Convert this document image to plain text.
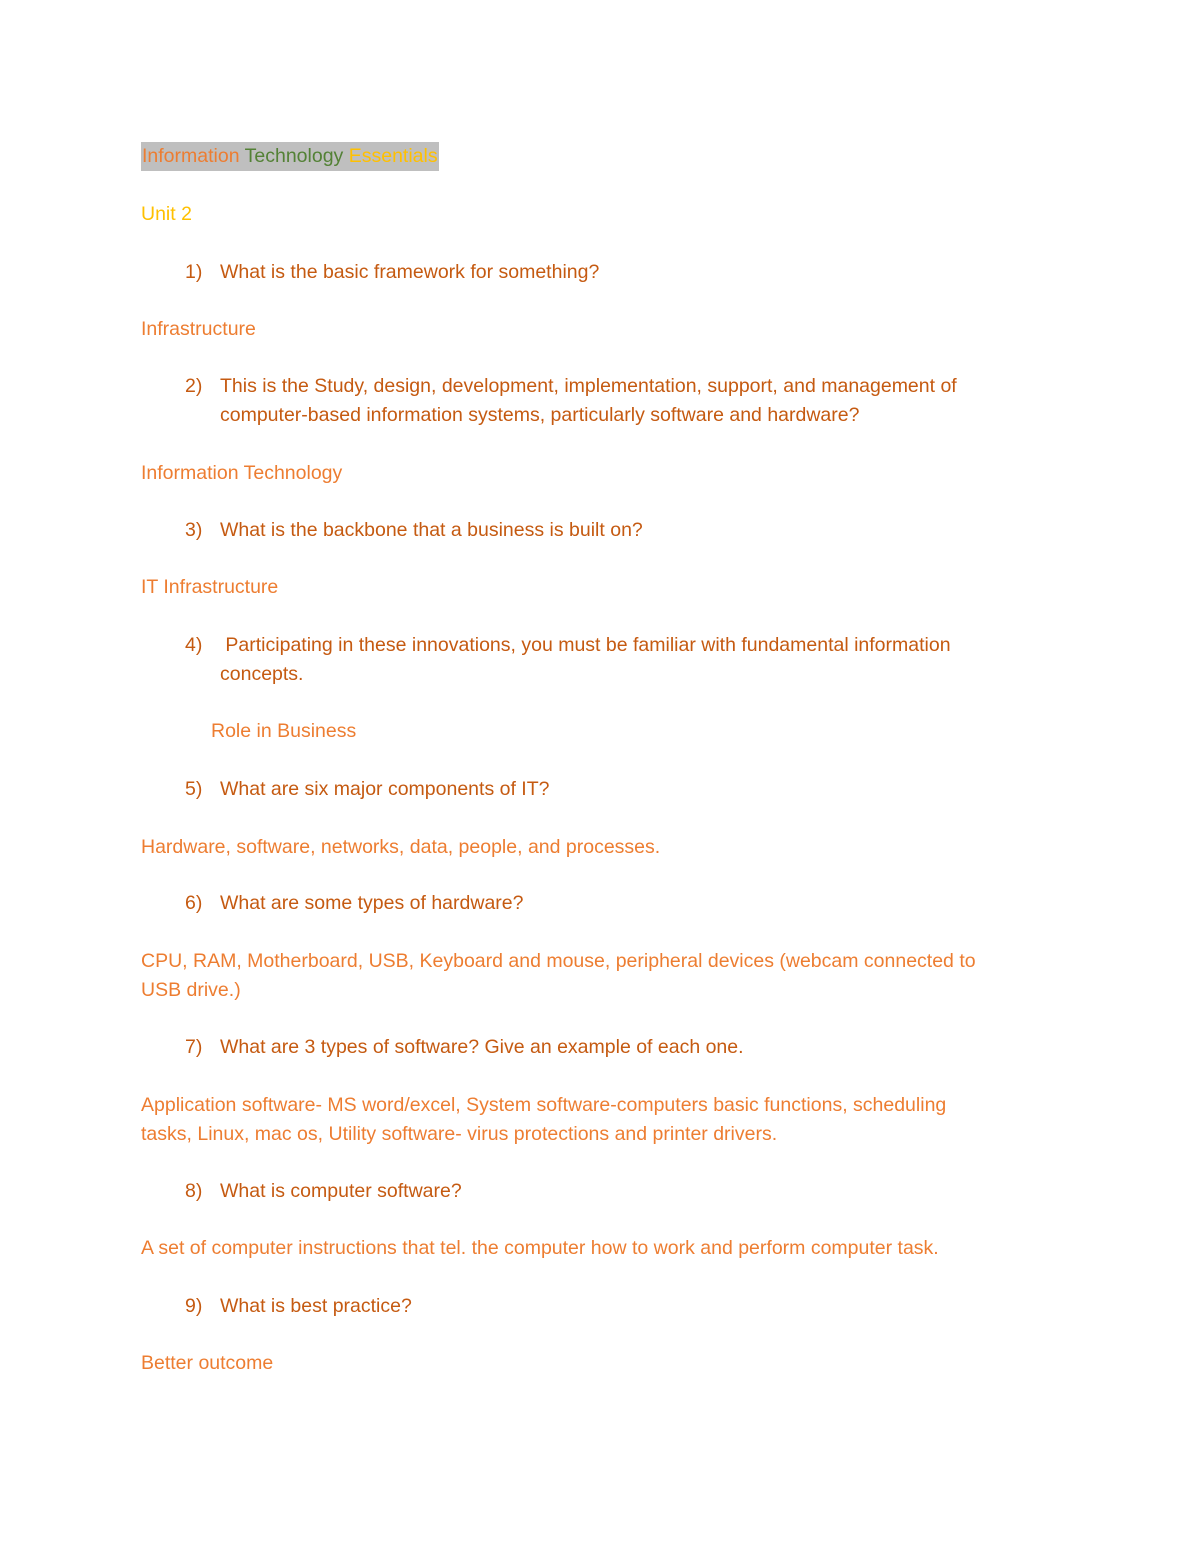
Information Technology Essentials
Unit 2
1) What is the basic framework for something?
Infrastructure
2) This is the Study, design, development, implementation, support, and management of
computer-based information systems, particularly software and hardware?
Information Technology
3) What is the backbone that a business is built on?
IT Infrastructure
4) Participating in these innovations, you must be familiar with fundamental information
concepts.
Role in Business
5) What are six major components of IT?
Hardware, software, networks, data, people, and processes.
6) What are some types of hardware?
CPU, RAM, Motherboard, USB, Keyboard and mouse, peripheral devices (webcam connected to
USB drive.)
7) What are 3 types of software? Give an example of each one.
Application software- MS word/excel, System software-computers basic functions, scheduling
tasks, Linux, mac os, Utility software- virus protections and printer drivers.
8) What is computer software?
A set of computer instructions that tel. the computer how to work and perform computer task.
9) What is best practice?
Better outcome
